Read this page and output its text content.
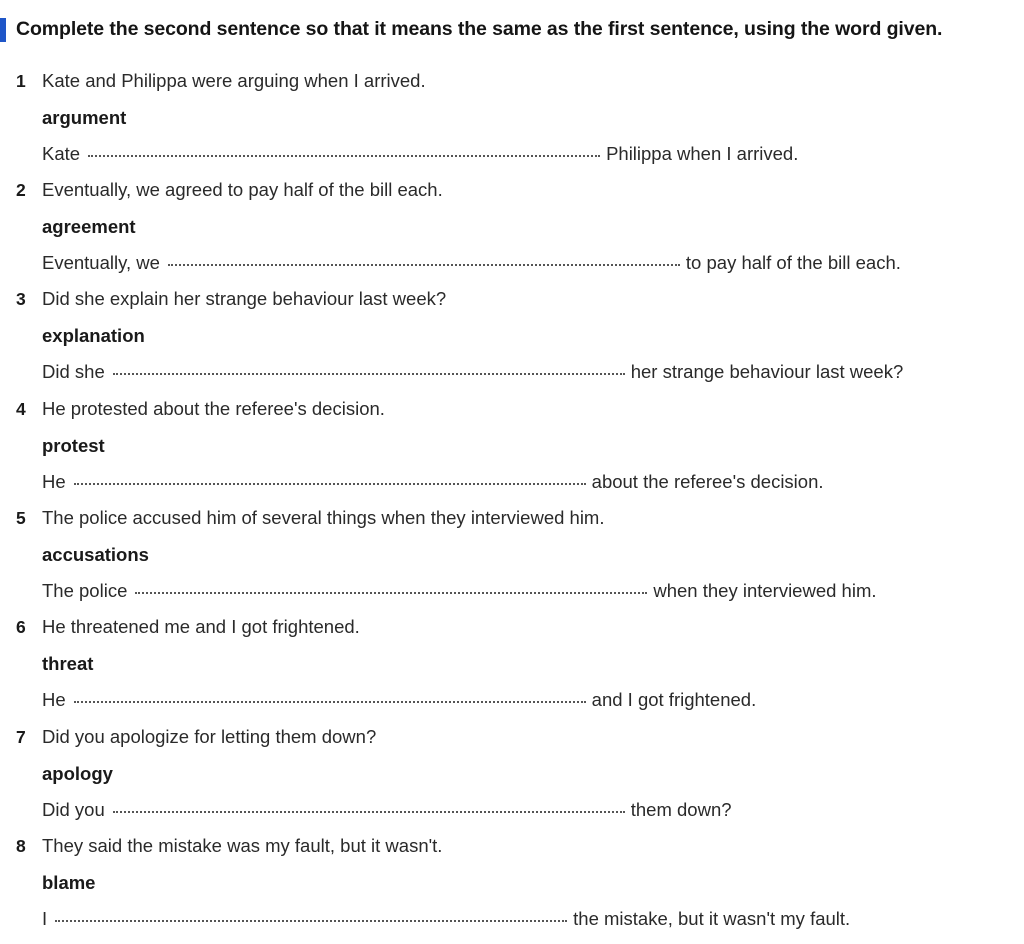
Complete the second sentence so that it means the same as the first sentence, using the word given.
1 Kate and Philippa were arguing when I arrived.
argument
Kate	Philippa when I arrived.
2 Eventually, we agreed to pay half of the bill each.
agreement
Eventually, we	to pay half of the bill each.
3 Did she explain her strange behaviour last week?
explanation
Did she	her strange behaviour last week?
4 He protested about the referee's decision.
protest
He	about the referee's decision.
5 The police accused him of several things when they interviewed him.
accusations
The police	when they interviewed him.
6 He threatened me and I got frightened.
threat
He	and I got frightened.
7 Did you apologize for letting them down?
apology
Did you	them down?
8 They said the mistake was my fault, but it wasn't.
blame
I	the mistake, but it wasn't my fault.
